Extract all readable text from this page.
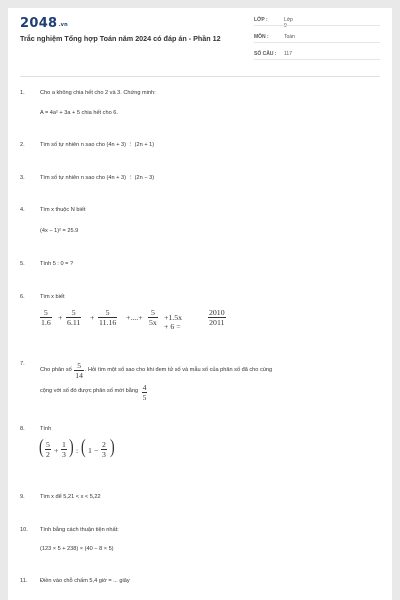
2048.vn
Trắc nghiệm Tổng hợp Toán năm 2024 có đáp án - Phần 12
LỚP :	Lớp 9
MÔN :	Toán
SỐ CÂU :	117
1.	Cho a không chia hết cho 2 và 3. Chứng minh:
A = 4a² + 3a + 5 chia hết cho 6.
2.	Tìm số tự nhiên n sao cho (4n + 3) ⋮ (2n + 1)
3.	Tìm số tự nhiên n sao cho (4n + 3) ⋮ (2n − 3)
4.	Tìm x thuộc N biết
(4x − 1)² = 25.9
5.	Tính 5 : 0 = ?
6.	Tìm x biết
$\frac{5}{1.6} + \frac{5}{6.11} + \frac{5}{11.16}$ +....+ $\frac{5}{5x} +1.5x + 6$ =	$\frac{2010}{2011}$
7.
Cho phân số $\frac{5}{14}$ . Hỏi tìm một số sao cho khi đem tử số và mẫu số của phân số đã cho cùng
cộng với số đó được phân số mới bằng $\frac{4}{5}$
8.	Tính
( $\frac{5}{2} + \frac{1}{3}$ ) : ( $1 - \frac{2}{3}$ )
9.	Tìm x để 5,21 < x < 5,22
10.	Tính bằng cách thuận tiện nhất:
(123 × 5 + 238) × (40 − 8 × 5)
11.	Điền vào chỗ chấm 5,4 giờ = ... giây
